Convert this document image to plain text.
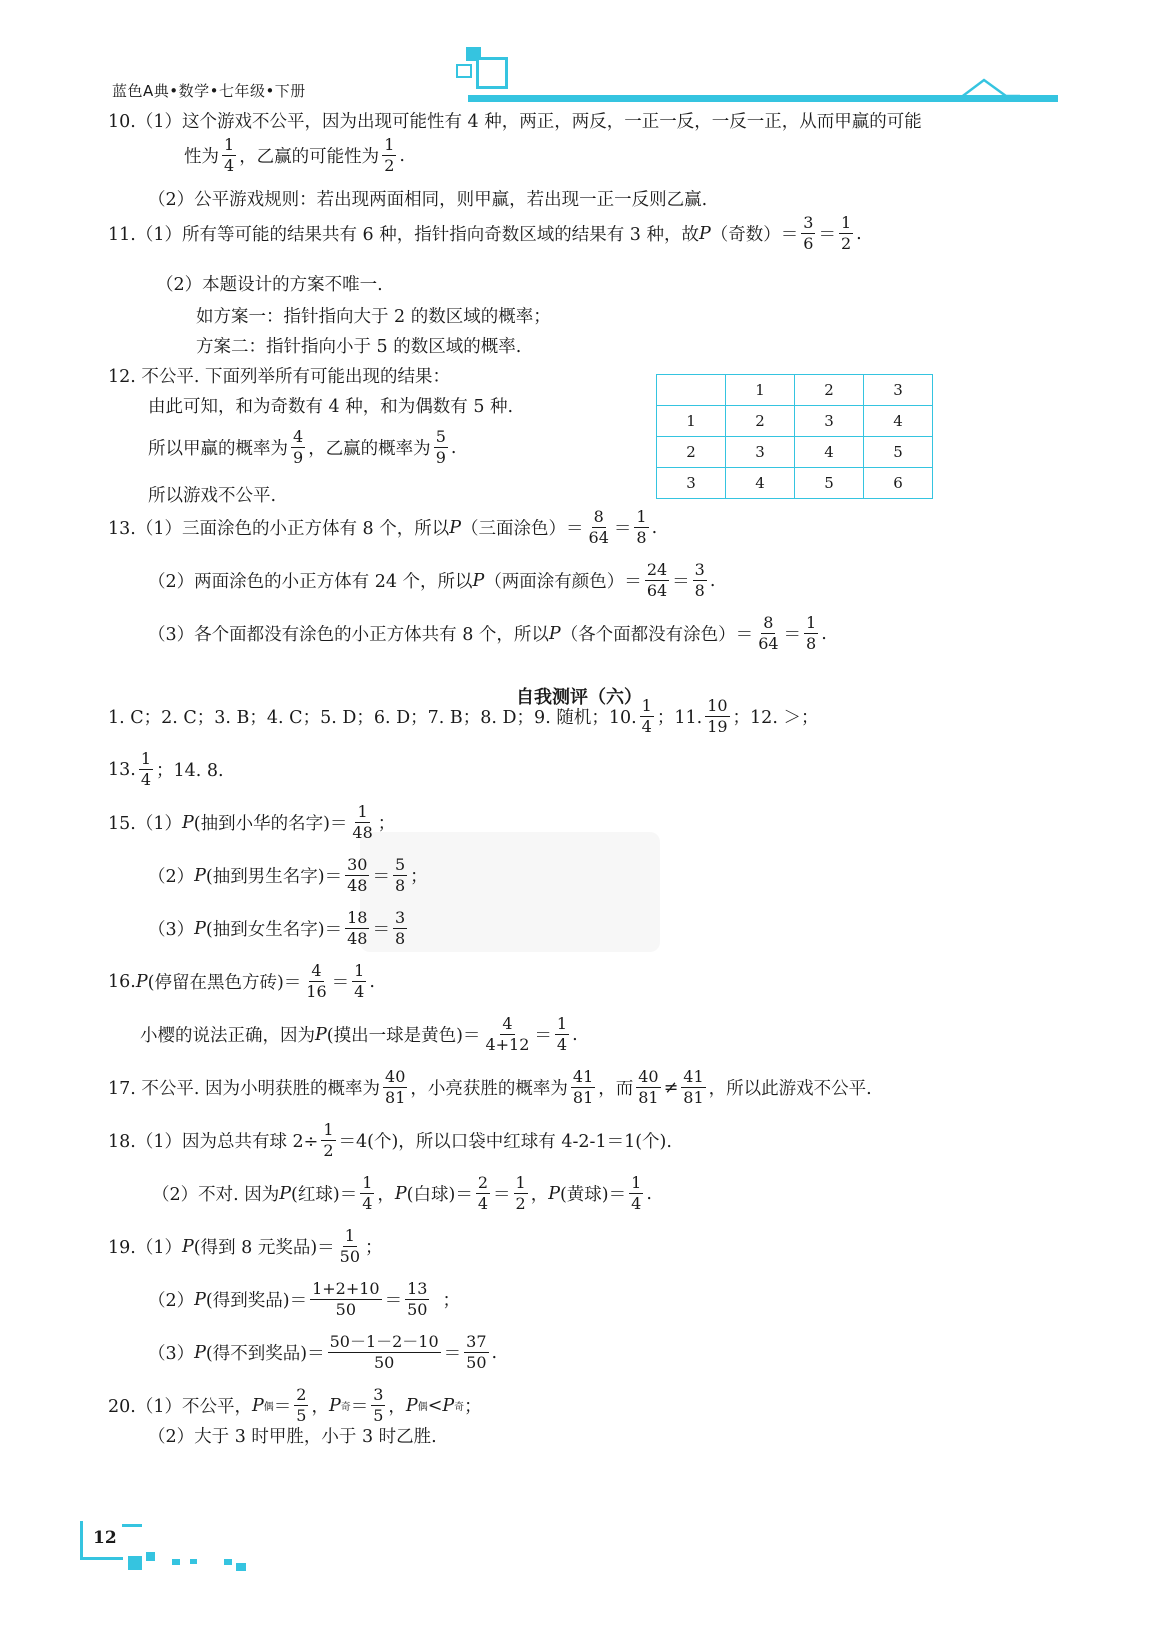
蓝色A典•数学•七年级•下册
10.（1）这个游戏不公平，因为出现可能性有 4 种，两正，两反，一正一反，一反一正，从而甲赢的可能
性为
1
4 ，乙赢的可能性为
1
2 .
（2）公平游戏规则：若出现两面相同，则甲赢，若出现一正一反则乙赢.
11.（1）所有等可能的结果共有 6 种，指针指向奇数区域的结果有 3 种，故 P （奇数）＝
3
6 ＝
1
2 .
（2）本题设计的方案不唯一.
如方案一：指针指向大于 2 的数区域的概率；
方案二：指针指向小于 5 的数区域的概率.
12. 不公平. 下面列举所有可能出现的结果：
由此可知，和为奇数有 4 种，和为偶数有 5 种.
所以甲赢的概率为
4
9 ，乙赢的概率为
5
9 .
所以游戏不公平.
	1	2	3
1	2	3	4
2	3	4	5
3	4	5	6
13.（1）三面涂色的小正方体有 8 个，所以 P （三面涂色）＝
8
64 ＝
1
8 .
（2）两面涂色的小正方体有 24 个，所以 P （两面涂有颜色）＝
24
64 ＝
3
8 .
（3）各个面都没有涂色的小正方体共有 8 个，所以 P （各个面都没有涂色）＝
8
64 ＝
1
8 .
自我测评（六）
1. C；2. C；3. B；4. C；5. D；6. D；7. B；8. D；9. 随机；10.
1
4 ；11.
10
19 ；12. ＞；
13.
1
4 ；14. 8.
15.（1） P (抽到小华的名字)＝
1
48 ；
（2） P (抽到男生名字)＝
30
48 ＝
5
8 ；
（3） P (抽到女生名字)＝
18
48 ＝
3
8
16. P (停留在黑色方砖)＝
4
16 ＝
1
4 .
小樱的说法正确，因为 P (摸出一球是黄色)＝
4
4+12 ＝
1
4 .
17. 不公平. 因为小明获胜的概率为
40
81 ，小亮获胜的概率为
41
81 ，而
40
81 ≠
41
81 ，所以此游戏不公平.
18.（1）因为总共有球 $2\div \frac{1}{2} =4$(个)，所以口袋中红球有 4-2-1＝1(个).
（2）不对. 因为 P (红球)＝
1
4 ， P (白球)＝
2
4 ＝
1
2 ， P (黄球)＝
1
4 .
19.（1） P (得到 8 元奖品)＝
1
50 ；
（2） P (得到奖品)＝
1+2+10
50 ＝
13
50 ；
（3） P (得不到奖品)＝
50－1－2－10
50	＝
37
50 .
20.（1）不公平， P 偶 ＝
2
5 ， P 奇 ＝
3
5 ， P 偶 < P 奇 ；
（2）大于 3 时甲胜，小于 3 时乙胜.
12
